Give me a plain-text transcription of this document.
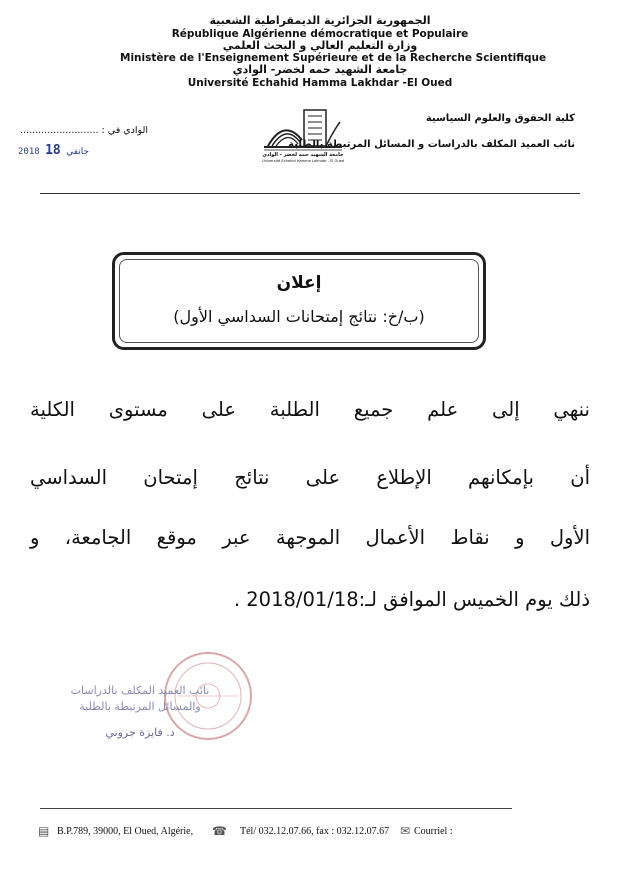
الجمهورية الجزائرية الديمقراطية الشعبية
République Algérienne démocratique et Populaire
وزارة التعليم العالي و البحث العلمي
Ministère de l'Enseignement Supérieure et de la Recherche Scientifique
جامعة الشهيد حمه لخضر- الوادي
Université Echahid Hamma Lakhdar -El Oued
كلية الحقوق والعلوم السياسية
نائب العميد المكلف بالدراسات و المسائل المرتبطة بالطلبة
الوادي في : ..........................
2018	جانفي 18	جامعة الشهيد حمه لخضر - الوادي
Université Echahid Hamma Lakhdar - El Oued
إعلان
(ب/خ: نتائج إمتحانات السداسي الأول)
ننهي إلى علم جميع الطلبة على مستوى الكلية
أن بإمكانهم الإطلاع على نتائج إمتحان السداسي
الأول و نقاط الأعمال الموجهة عبر موقع الجامعة، و
ذلك يوم الخميس الموافق لـ:2018/01/18 .
نائب العميد المكلف بالدراسات
والمسائل المرتبطة بالطلبة
د. فايزة جروني
▤ B.P.789, 39000, El Oued, Algérie, ☎ Tél/ 032.12.07.66, fax : 032.12.07.67 ✉ Courriel :
